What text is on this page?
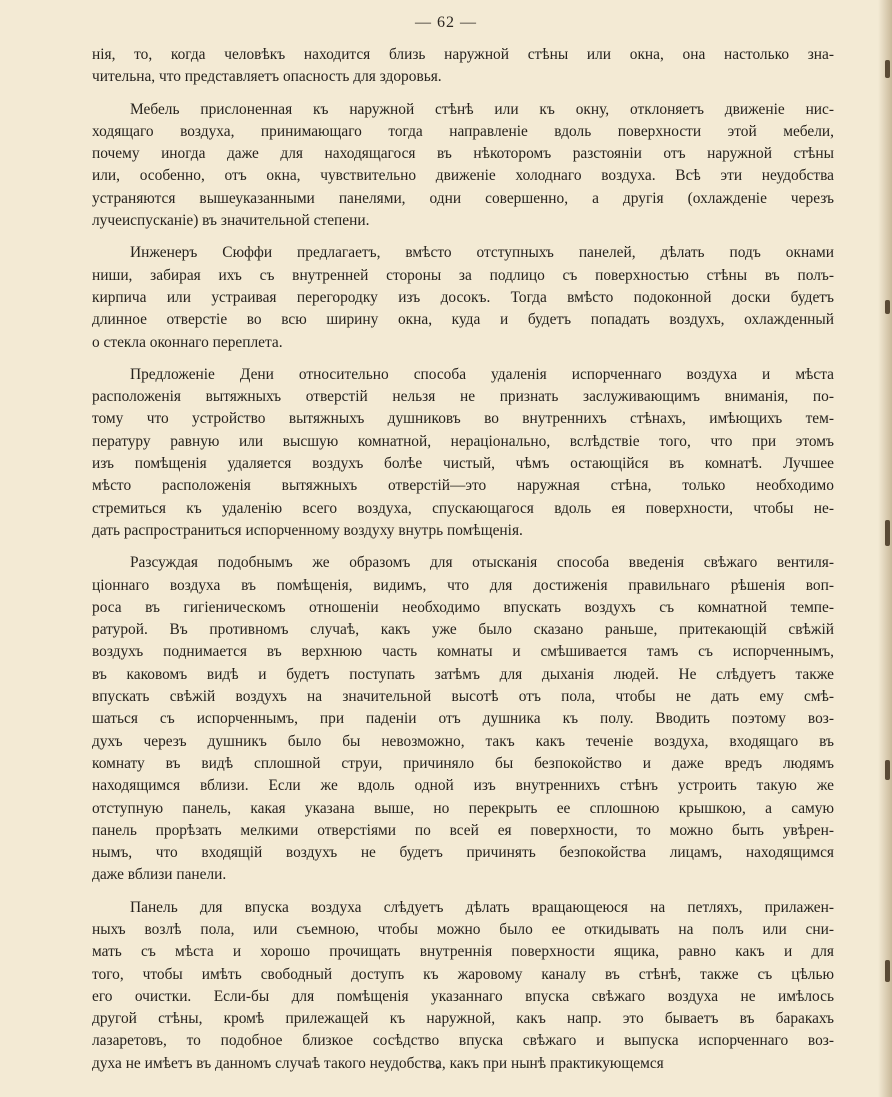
— 62 —
нія, то, когда человѣкъ находится близь наружной стѣны или окна, она настолько зна-
чительна, что представляетъ опасность для здоровья.
Мебель прислоненная къ наружной стѣнѣ или къ окну, отклоняетъ движеніе нис-
ходящаго воздуха, принимающаго тогда направленіе вдоль поверхности этой мебели,
почему иногда даже для находящагося въ нѣкоторомъ разстояніи отъ наружной стѣны
или, особенно, отъ окна, чувствительно движеніе холоднаго воздуха. Всѣ эти неудобства
устраняются вышеуказанными панелями, одни совершенно, а другія (охлажденіе черезъ
лучеиспусканіе) въ значительной степени.
Инженеръ Сюффи предлагаетъ, вмѣсто отступныхъ панелей, дѣлать подъ окнами
ниши, забирая ихъ съ внутренней стороны за подлицо съ поверхностью стѣны въ полъ-
кирпича или устраивая перегородку изъ досокъ. Тогда вмѣсто подоконной доски будетъ
длинное отверстіе во всю ширину окна, куда и будетъ попадать воздухъ, охлажденный
о стекла оконнаго переплета.
Предложеніе Дени относительно способа удаленія испорченнаго воздуха и мѣста
расположенія вытяжныхъ отверстій нельзя не признать заслуживающимъ вниманія, по-
тому что устройство вытяжныхъ душниковъ во внутреннихъ стѣнахъ, имѣющихъ тем-
пературу равную или высшую комнатной, нераціонально, вслѣдствіе того, что при этомъ
изъ помѣщенія удаляется воздухъ болѣе чистый, чѣмъ остающійся въ комнатѣ. Лучшее
мѣсто расположенія вытяжныхъ отверстій—это наружная стѣна, только необходимо
стремиться къ удаленію всего воздуха, спускающагося вдоль ея поверхности, чтобы не-
дать распространиться испорченному воздуху внутрь помѣщенія.
Разсуждая подобнымъ же образомъ для отысканія способа введенія свѣжаго вентиля-
ціоннаго воздуха въ помѣщенія, видимъ, что для достиженія правильнаго рѣшенія воп-
роса въ гигіеническомъ отношеніи необходимо впускать воздухъ съ комнатной темпе-
ратурой. Въ противномъ случаѣ, какъ уже было сказано раньше, притекающій свѣжій
воздухъ поднимается въ верхнюю часть комнаты и смѣшивается тамъ съ испорченнымъ,
въ каковомъ видѣ и будетъ поступать затѣмъ для дыханія людей. Не слѣдуетъ также
впускать свѣжій воздухъ на значительной высотѣ отъ пола, чтобы не дать ему смѣ-
шаться съ испорченнымъ, при паденіи отъ душника къ полу. Вводить поэтому воз-
духъ черезъ душникъ было бы невозможно, такъ какъ теченіе воздуха, входящаго въ
комнату въ видѣ сплошной струи, причиняло бы безпокойство и даже вредъ людямъ
находящимся вблизи. Если же вдоль одной изъ внутреннихъ стѣнъ устроить такую же
отступную панель, какая указана выше, но перекрыть ее сплошною крышкою, а самую
панель прорѣзать мелкими отверстіями по всей ея поверхности, то можно быть увѣрен-
нымъ, что входящій воздухъ не будетъ причинять безпокойства лицамъ, находящимся
даже вблизи панели.
Панель для впуска воздуха слѣдуетъ дѣлать вращающеюся на петляхъ, прилажен-
ныхъ возлѣ пола, или съемною, чтобы можно было ее откидывать на полъ или сни-
мать съ мѣста и хорошо прочищать внутреннія поверхности ящика, равно какъ и для
того, чтобы имѣть свободный доступъ къ жаровому каналу въ стѣнѣ, также съ цѣлью
его очистки. Если-бы для помѣщенія указаннаго впуска свѣжаго воздуха не имѣлось
другой стѣны, кромѣ прилежащей къ наружной, какъ напр. это бываетъ въ баракахъ
лазаретовъ, то подобное близкое сосѣдство впуска свѣжаго и выпуска испорченнаго воз-
духа не имѣетъ въ данномъ случаѣ такого неудобства, какъ при нынѣ практикующемся
